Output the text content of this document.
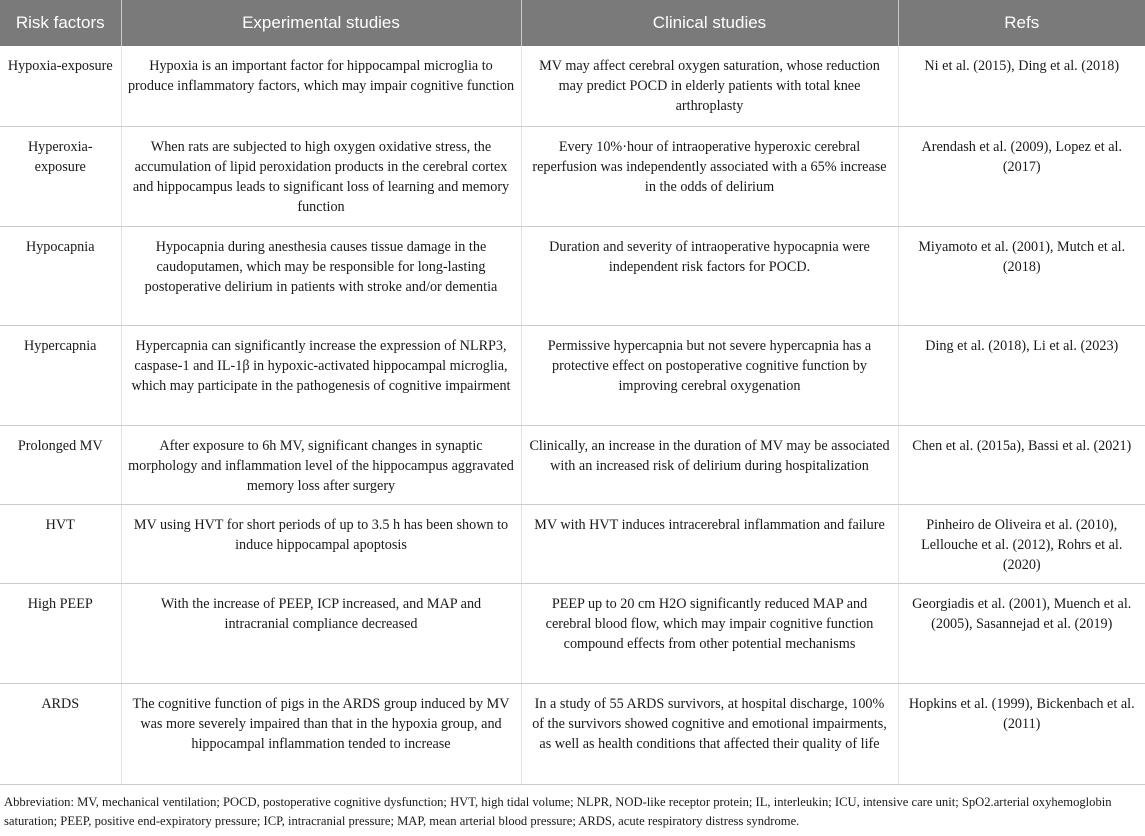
Risk factors	Experimental studies	Clinical studies	Refs
Hypoxia-exposure	Hypoxia is an important factor for hippocampal microglia to produce inflammatory factors, which may impair cognitive function	MV may affect cerebral oxygen saturation, whose reduction may predict POCD in elderly patients with total knee arthroplasty	Ni et al. (2015), Ding et al. (2018)
Hyperoxia-exposure	When rats are subjected to high oxygen oxidative stress, the accumulation of lipid peroxidation products in the cerebral cortex and hippocampus leads to significant loss of learning and memory function	Every 10%·hour of intraoperative hyperoxic cerebral reperfusion was independently associated with a 65% increase in the odds of delirium	Arendash et al. (2009), Lopez et al. (2017)
Hypocapnia	Hypocapnia during anesthesia causes tissue damage in the caudoputamen, which may be responsible for long-lasting postoperative delirium in patients with stroke and/or dementia	Duration and severity of intraoperative hypocapnia were independent risk factors for POCD.	Miyamoto et al. (2001), Mutch et al. (2018)
Hypercapnia	Hypercapnia can significantly increase the expression of NLRP3, caspase-1 and IL-1β in hypoxic-activated hippocampal microglia, which may participate in the pathogenesis of cognitive impairment	Permissive hypercapnia but not severe hypercapnia has a protective effect on postoperative cognitive function by improving cerebral oxygenation	Ding et al. (2018), Li et al. (2023)
Prolonged MV	After exposure to 6h MV, significant changes in synaptic morphology and inflammation level of the hippocampus aggravated memory loss after surgery	Clinically, an increase in the duration of MV may be associated with an increased risk of delirium during hospitalization	Chen et al. (2015a), Bassi et al. (2021)
HVT	MV using HVT for short periods of up to 3.5 h has been shown to induce hippocampal apoptosis	MV with HVT induces intracerebral inflammation and failure	Pinheiro de Oliveira et al. (2010), Lellouche et al. (2012), Rohrs et al. (2020)
High PEEP	With the increase of PEEP, ICP increased, and MAP and intracranial compliance decreased	PEEP up to 20 cm H2O significantly reduced MAP and cerebral blood flow, which may impair cognitive function compound effects from other potential mechanisms	Georgiadis et al. (2001), Muench et al. (2005), Sasannejad et al. (2019)
ARDS	The cognitive function of pigs in the ARDS group induced by MV was more severely impaired than that in the hypoxia group, and hippocampal inflammation tended to increase	In a study of 55 ARDS survivors, at hospital discharge, 100% of the survivors showed cognitive and emotional impairments, as well as health conditions that affected their quality of life	Hopkins et al. (1999), Bickenbach et al. (2011)
Abbreviation: MV, mechanical ventilation; POCD, postoperative cognitive dysfunction; HVT, high tidal volume; NLPR, NOD-like receptor protein; IL, interleukin; ICU, intensive care unit; SpO2.arterial oxyhemoglobin saturation; PEEP, positive end-expiratory pressure; ICP, intracranial pressure; MAP, mean arterial blood pressure; ARDS, acute respiratory distress syndrome.
